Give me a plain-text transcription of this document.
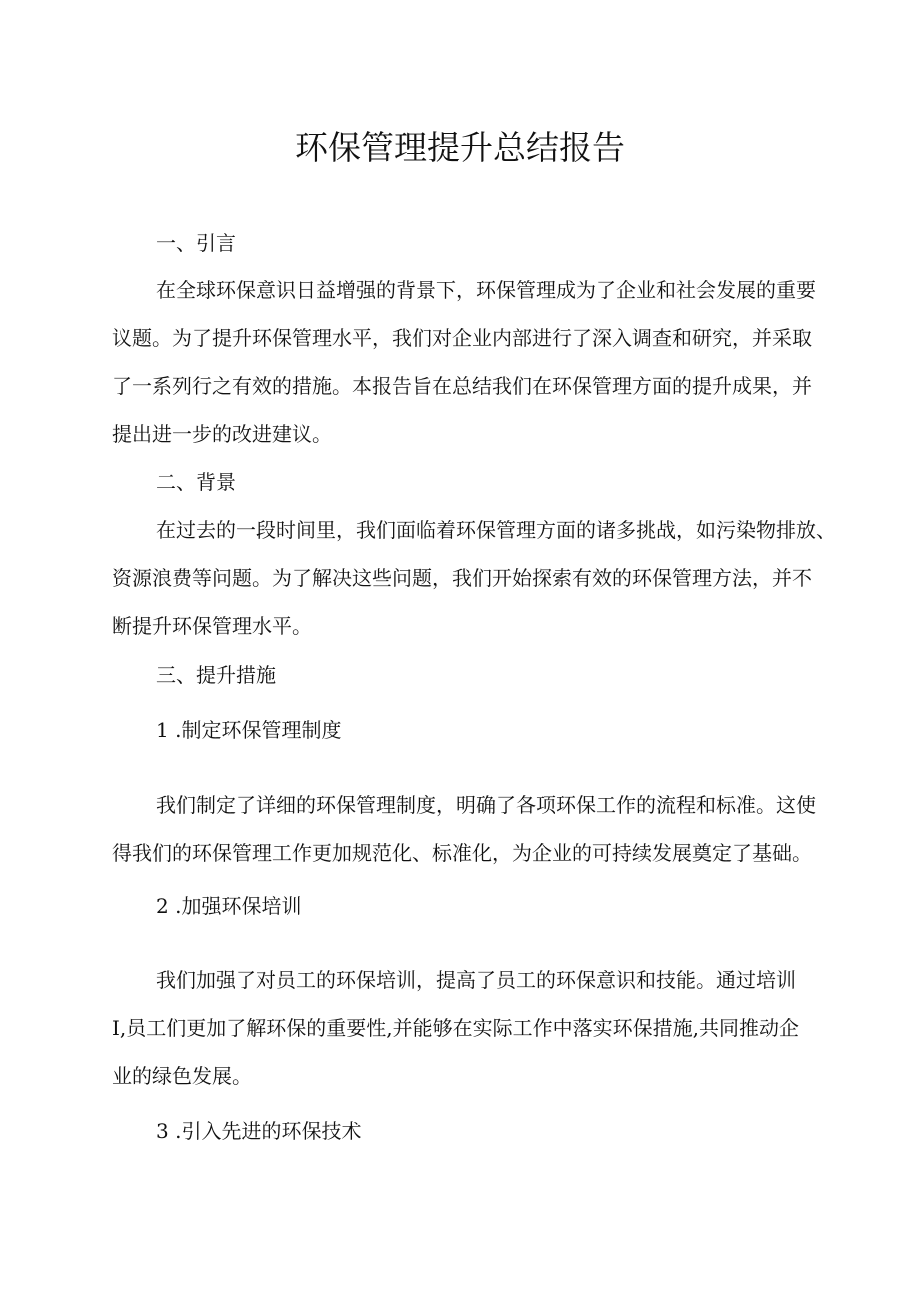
环保管理提升总结报告
一、引言
在全球环保意识日益增强的背景下，环保管理成为了企业和社会发展的重要
议题。为了提升环保管理水平，我们对企业内部进行了深入调查和研究，并采取
了一系列行之有效的措施。本报告旨在总结我们在环保管理方面的提升成果，并
提出进一步的改进建议。
二、背景
在过去的一段时间里，我们面临着环保管理方面的诸多挑战，如污染物排放、
资源浪费等问题。为了解决这些问题，我们开始探索有效的环保管理方法，并不
断提升环保管理水平。
三、提升措施
1 .制定环保管理制度
我们制定了详细的环保管理制度，明确了各项环保工作的流程和标准。这使
得我们的环保管理工作更加规范化、标准化，为企业的可持续发展奠定了基础。
2 .加强环保培训
我们加强了对员工的环保培训，提高了员工的环保意识和技能。通过培训
I,员工们更加了解环保的重要性,并能够在实际工作中落实环保措施,共同推动企
业的绿色发展。
3 .引入先进的环保技术
